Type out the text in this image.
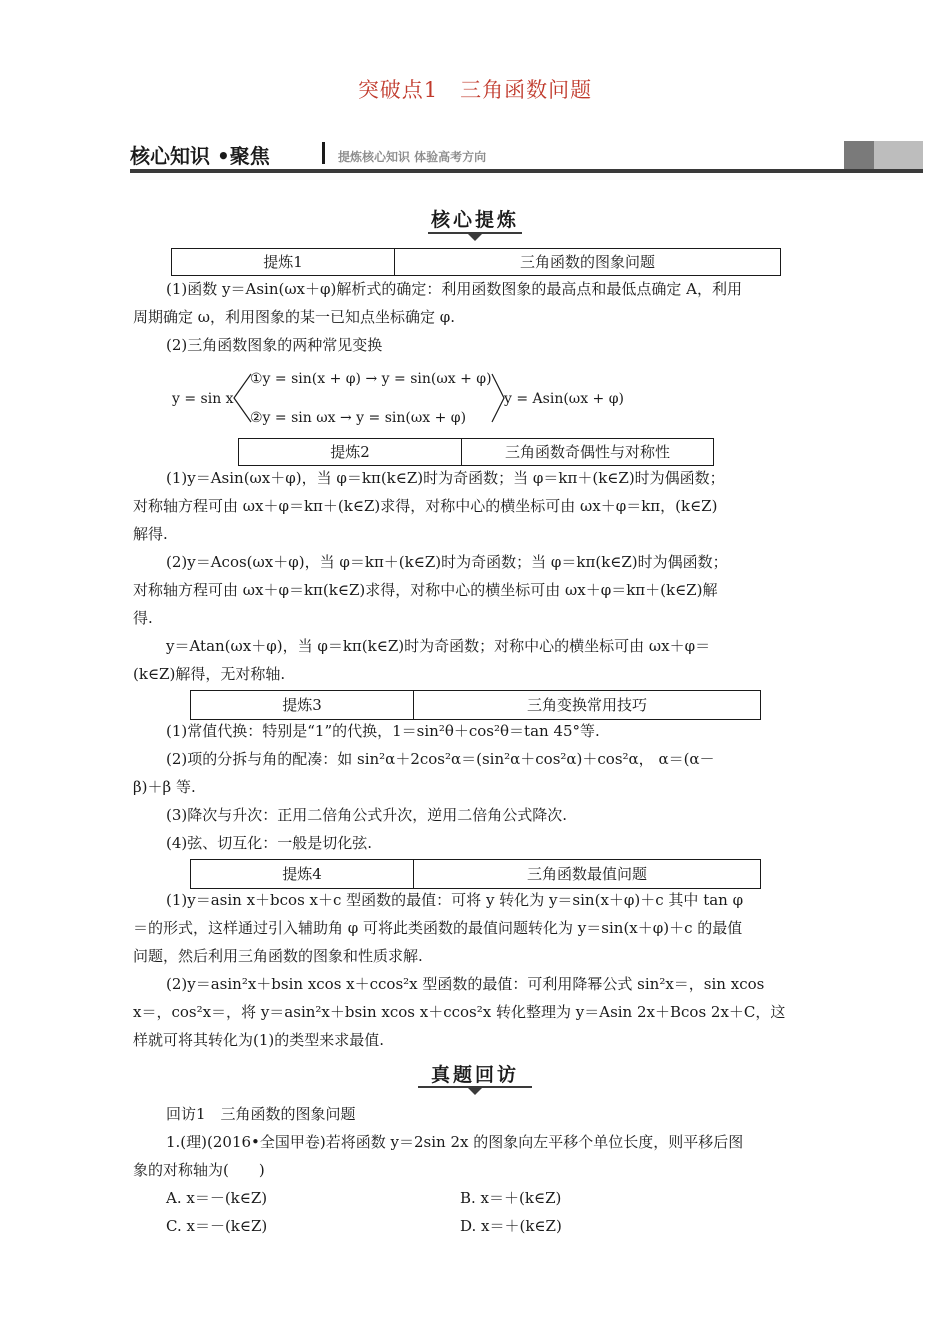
突破点1　三角函数问题
核心知识 •聚焦	提炼核心知识 体验高考方向
核心提炼
提炼1	三角函数的图象问题
(1)函数 y＝Asin(ωx＋φ)解析式的确定：利用函数图象的最高点和最低点确定 A，利用
周期确定 ω，利用图象的某一已知点坐标确定 φ.
(2)三角函数图象的两种常见变换
y = sin x
①y = sin(x + φ) → y = sin(ωx + φ)
②y = sin ωx → y = sin(ωx + φ)
y = Asin(ωx + φ)
提炼2	三角函数奇偶性与对称性
(1)y＝Asin(ωx＋φ)，当 φ＝kπ(k∈Z)时为奇函数；当 φ＝kπ＋(k∈Z)时为偶函数；
对称轴方程可由 ωx＋φ＝kπ＋(k∈Z)求得，对称中心的横坐标可由 ωx＋φ＝kπ，(k∈Z)
解得.
(2)y＝Acos(ωx＋φ)，当 φ＝kπ＋(k∈Z)时为奇函数；当 φ＝kπ(k∈Z)时为偶函数；
对称轴方程可由 ωx＋φ＝kπ(k∈Z)求得，对称中心的横坐标可由 ωx＋φ＝kπ＋(k∈Z)解
得.
y＝Atan(ωx＋φ)，当 φ＝kπ(k∈Z)时为奇函数；对称中心的横坐标可由 ωx＋φ＝
(k∈Z)解得，无对称轴.
提炼3	三角变换常用技巧
(1)常值代换：特别是“1”的代换，1＝sin²θ＋cos²θ＝tan 45°等.
(2)项的分拆与角的配凑：如 sin²α＋2cos²α＝(sin²α＋cos²α)＋cos²α， α＝(α－
β)＋β 等.
(3)降次与升次：正用二倍角公式升次，逆用二倍角公式降次.
(4)弦、切互化：一般是切化弦.
提炼4	三角函数最值问题
(1)y＝asin x＋bcos x＋c 型函数的最值：可将 y 转化为 y＝sin(x＋φ)＋c 其中 tan φ
＝的形式，这样通过引入辅助角 φ 可将此类函数的最值问题转化为 y＝sin(x＋φ)＋c 的最值
问题，然后利用三角函数的图象和性质求解.
(2)y＝asin²x＋bsin xcos x＋ccos²x 型函数的最值：可利用降幂公式 sin²x＝，sin xcos
x＝，cos²x＝，将 y＝asin²x＋bsin xcos x＋ccos²x 转化整理为 y＝Asin 2x＋Bcos 2x＋C，这
样就可将其转化为(1)的类型来求最值.
真题回访
回访1　三角函数的图象问题
1.(理)(2016•全国甲卷)若将函数 y＝2sin 2x 的图象向左平移个单位长度，则平移后图
象的对称轴为(　　)
A. x＝－(k∈Z)	B. x＝＋(k∈Z)
C. x＝－(k∈Z)	D. x＝＋(k∈Z)
